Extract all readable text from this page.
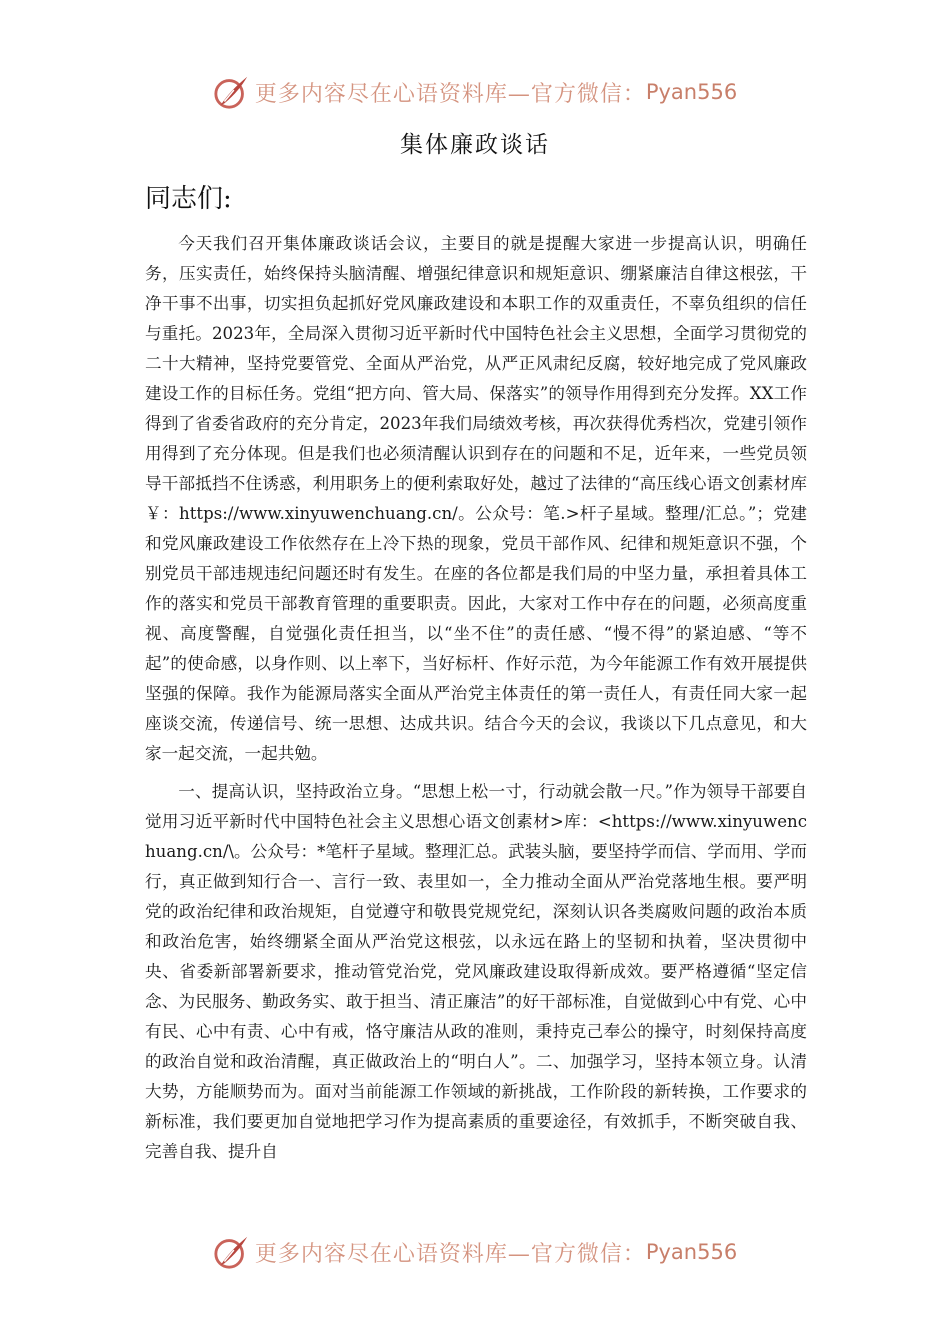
更多内容尽在心语资料库—官方微信： Pyan556
集体廉政谈话
同志们:

今天我们召开集体廉政谈话会议，主要目的就是提醒大家进一步提高认识，明确任务，压实责任，始终保持头脑清醒、增强纪律意识和规矩意识、绷紧廉洁自律这根弦，干净干事不出事，切实担负起抓好党风廉政建设和本职工作的双重责任，不辜负组织的信任与重托。2023年，全局深入贯彻习近平新时代中国特色社会主义思想，全面学习贯彻党的二十大精神，坚持党要管党、全面从严治党，从严正风肃纪反腐，较好地完成了党风廉政建设工作的目标任务。党组“把方向、管大局、保落实”的领导作用得到充分发挥。XX工作得到了省委省政府的充分肯定，2023年我们局绩效考核，再次获得优秀档次，党建引领作用得到了充分体现。但是我们也必须清醒认识到存在的问题和不足，近年来，一些党员领导干部抵挡不住诱惑，利用职务上的便利索取好处，越过了法律的“高压线心语文创素材库￥：https://www.xinyuwenchuang.cn/。公众号：笔.>杆子星域。整理/汇总。”；党建和党风廉政建设工作依然存在上冷下热的现象，党员干部作风、纪律和规矩意识不强，个别党员干部违规违纪问题还时有发生。在座的各位都是我们局的中坚力量，承担着具体工作的落实和党员干部教育管理的重要职责。因此，大家对工作中存在的问题，必须高度重视、高度警醒，自觉强化责任担当，以“坐不住”的责任感、“慢不得”的紧迫感、“等不起”的使命感，以身作则、以上率下，当好标杆、作好示范，为今年能源工作有效开展提供坚强的保障。我作为能源局落实全面从严治党主体责任的第一责任人，有责任同大家一起座谈交流，传递信号、统一思想、达成共识。结合今天的会议，我谈以下几点意见，和大家一起交流，一起共勉。

一、提高认识，坚持政治立身。“思想上松一寸，行动就会散一尺。”作为领导干部要自觉用习近平新时代中国特色社会主义思想心语文创素材>库：<https://www.xinyuwenchuang.cn/\。公众号：*笔杆子星域。整理汇总。武装头脑，要坚持学而信、学而用、学而行，真正做到知行合一、言行一致、表里如一，全力推动全面从严治党落地生根。要严明党的政治纪律和政治规矩，自觉遵守和敬畏党规党纪，深刻认识各类腐败问题的政治本质和政治危害，始终绷紧全面从严治党这根弦，以永远在路上的坚韧和执着，坚决贯彻中央、省委新部署新要求，推动管党治党，党风廉政建设取得新成效。要严格遵循“坚定信念、为民服务、勤政务实、敢于担当、清正廉洁”的好干部标准，自觉做到心中有党、心中有民、心中有责、心中有戒，恪守廉洁从政的准则，秉持克己奉公的操守，时刻保持高度的政治自觉和政治清醒，真正做政治上的“明白人”。二、加强学习，坚持本领立身。认清大势，方能顺势而为。面对当前能源工作领域的新挑战，工作阶段的新转换，工作要求的新标准，我们要更加自觉地把学习作为提高素质的重要途径，有效抓手，不断突破自我、完善自我、提升自

更多内容尽在心语资料库—官方微信： Pyan556
